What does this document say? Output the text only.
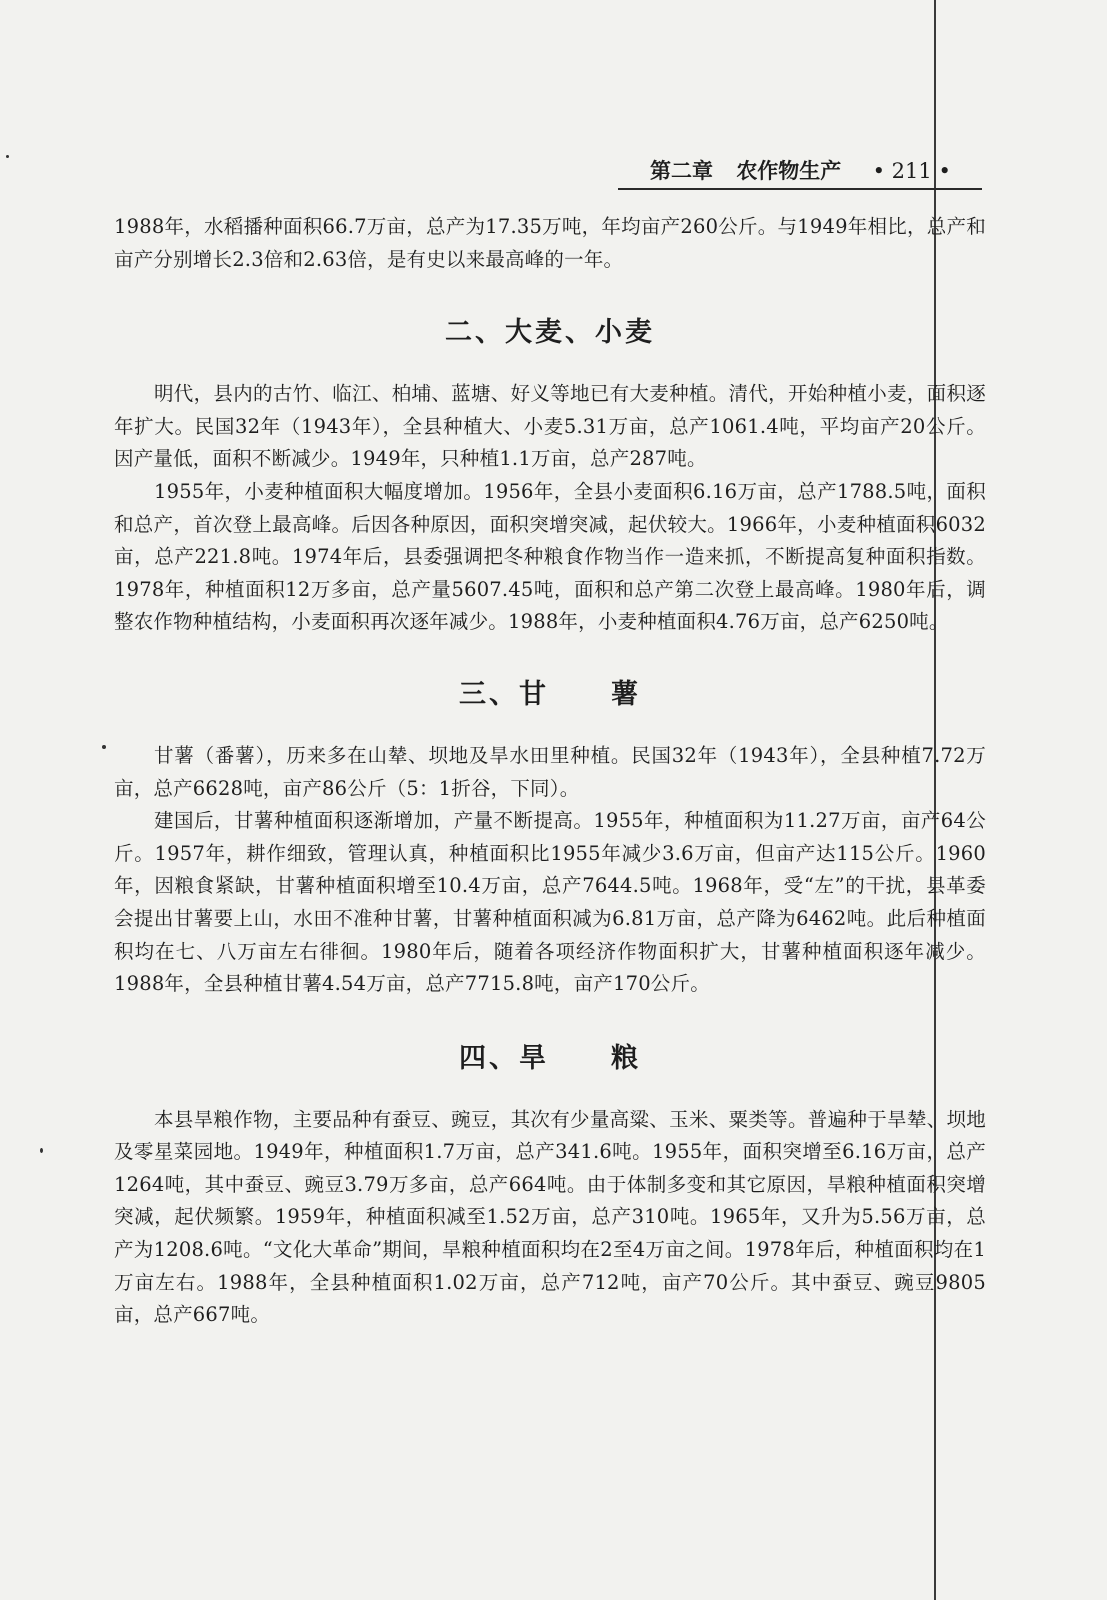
第二章 农作物生产 • 211 •

1988年，水稻播种面积66.7万亩，总产为17.35万吨，年均亩产260公斤。与1949年相比，总产和亩产分别增长2.3倍和2.63倍，是有史以来最高峰的一年。

二、大麦、小麦

明代，县内的古竹、临江、柏埔、蓝塘、好义等地已有大麦种植。清代，开始种植小麦，面积逐年扩大。民国32年（1943年），全县种植大、小麦5.31万亩，总产1061.4吨，平均亩产20公斤。因产量低，面积不断减少。1949年，只种植1.1万亩，总产287吨。

1955年，小麦种植面积大幅度增加。1956年，全县小麦面积6.16万亩，总产1788.5吨，面积和总产，首次登上最高峰。后因各种原因，面积突增突减，起伏较大。1966年，小麦种植面积6032亩，总产221.8吨。1974年后，县委强调把冬种粮食作物当作一造来抓，不断提高复种面积指数。1978年，种植面积12万多亩，总产量5607.45吨，面积和总产第二次登上最高峰。1980年后，调整农作物种植结构，小麦面积再次逐年减少。1988年，小麦种植面积4.76万亩，总产6250吨。

三、甘 薯

甘薯（番薯），历来多在山辇、坝地及旱水田里种植。民国32年（1943年），全县种植7.72万亩，总产6628吨，亩产86公斤（5：1折谷，下同）。

建国后，甘薯种植面积逐渐增加，产量不断提高。1955年，种植面积为11.27万亩，亩产64公斤。1957年，耕作细致，管理认真，种植面积比1955年减少3.6万亩，但亩产达115公斤。1960年，因粮食紧缺，甘薯种植面积增至10.4万亩，总产7644.5吨。1968年，受“左”的干扰，县革委会提出甘薯要上山，水田不准种甘薯，甘薯种植面积减为6.81万亩，总产降为6462吨。此后种植面积均在七、八万亩左右徘徊。1980年后，随着各项经济作物面积扩大，甘薯种植面积逐年减少。1988年，全县种植甘薯4.54万亩，总产7715.8吨，亩产170公斤。

四、旱 粮

本县旱粮作物，主要品种有蚕豆、豌豆，其次有少量高粱、玉米、粟类等。普遍种于旱辇、坝地及零星菜园地。1949年，种植面积1.7万亩，总产341.6吨。1955年，面积突增至6.16万亩，总产1264吨，其中蚕豆、豌豆3.79万多亩，总产664吨。由于体制多变和其它原因，旱粮种植面积突增突减，起伏频繁。1959年，种植面积减至1.52万亩，总产310吨。1965年，又升为5.56万亩，总产为1208.6吨。“文化大革命”期间，旱粮种植面积均在2至4万亩之间。1978年后，种植面积均在1万亩左右。1988年，全县种植面积1.02万亩，总产712吨，亩产70公斤。其中蚕豆、豌豆9805亩，总产667吨。
